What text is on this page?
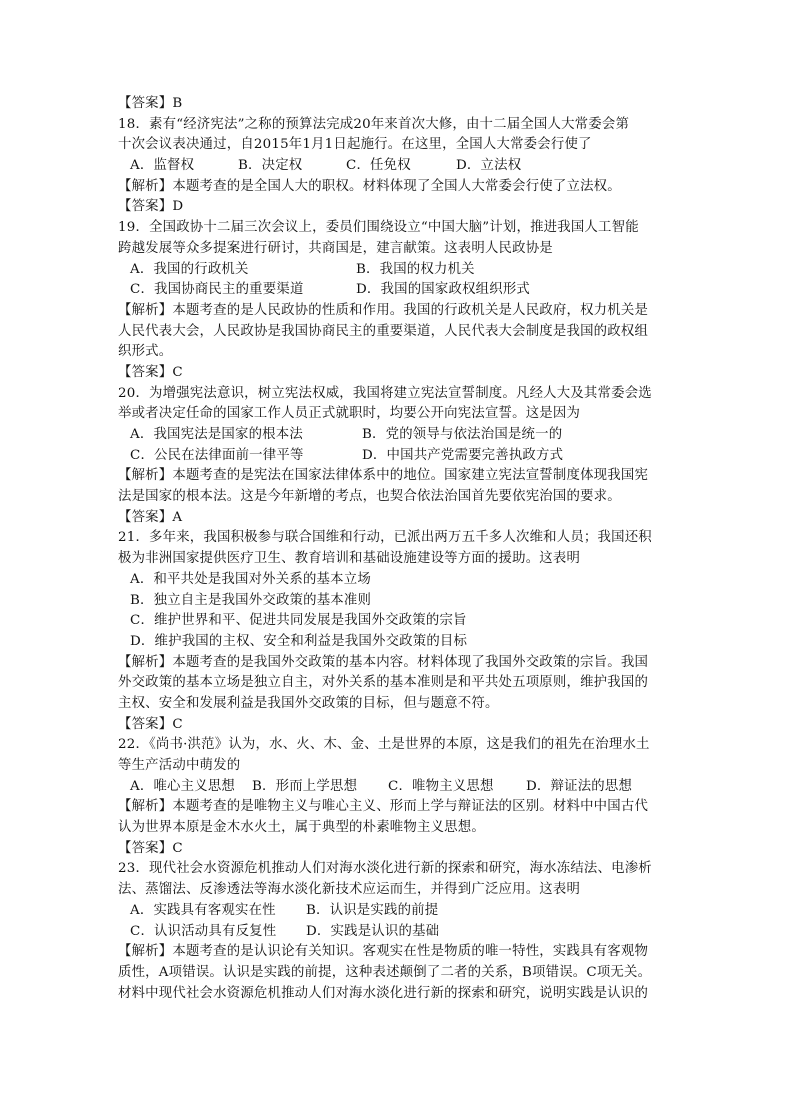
【答案】B
18．素有“经济宪法”之称的预算法完成20年来首次大修，由十二届全国人大常委会第
十次会议表决通过，自2015年1月1日起施行。在这里，全国人大常委会行使了
A．监督权	B．决定权	C．任免权	D．立法权
【解析】本题考查的是全国人大的职权。材料体现了全国人大常委会行使了立法权。
【答案】D
19．全国政协十二届三次会议上，委员们围绕设立“中国大脑”计划，推进我国人工智能
跨越发展等众多提案进行研讨，共商国是，建言献策。这表明人民政协是
A．我国的行政机关	B．我国的权力机关
C．我国协商民主的重要渠道	D．我国的国家政权组织形式
【解析】本题考查的是人民政协的性质和作用。我国的行政机关是人民政府，权力机关是
人民代表大会，人民政协是我国协商民主的重要渠道，人民代表大会制度是我国的政权组
织形式。
【答案】C
20．为增强宪法意识，树立宪法权威，我国将建立宪法宣誓制度。凡经人大及其常委会选
举或者决定任命的国家工作人员正式就职时，均要公开向宪法宣誓。这是因为
A．我国宪法是国家的根本法	B．党的领导与依法治国是统一的
C．公民在法律面前一律平等	D．中国共产党需要完善执政方式
【解析】本题考查的是宪法在国家法律体系中的地位。国家建立宪法宣誓制度体现我国宪
法是国家的根本法。这是今年新增的考点，也契合依法治国首先要依宪治国的要求。
【答案】A
21．多年来，我国积极参与联合国维和行动，已派出两万五千多人次维和人员；我国还积
极为非洲国家提供医疗卫生、教育培训和基础设施建设等方面的援助。这表明
A．和平共处是我国对外关系的基本立场
B．独立自主是我国外交政策的基本准则
C．维护世界和平、促进共同发展是我国外交政策的宗旨
D．维护我国的主权、安全和利益是我国外交政策的目标
【解析】本题考查的是我国外交政策的基本内容。材料体现了我国外交政策的宗旨。我国
外交政策的基本立场是独立自主，对外关系的基本准则是和平共处五项原则，维护我国的
主权、安全和发展利益是我国外交政策的目标，但与题意不符。
【答案】C
22．《尚书·洪范》认为，水、火、木、金、土是世界的本原，这是我们的祖先在治理水土
等生产活动中萌发的
A．唯心主义思想	B．形而上学思想	C．唯物主义思想	D．辩证法的思想
【解析】本题考查的是唯物主义与唯心主义、形而上学与辩证法的区别。材料中中国古代
认为世界本原是金木水火土，属于典型的朴素唯物主义思想。
【答案】C
23．现代社会水资源危机推动人们对海水淡化进行新的探索和研究，海水冻结法、电渗析
法、蒸馏法、反渗透法等海水淡化新技术应运而生，并得到广泛应用。这表明
A．实践具有客观实在性	B．认识是实践的前提
C．认识活动具有反复性	D．实践是认识的基础
【解析】本题考查的是认识论有关知识。客观实在性是物质的唯一特性，实践具有客观物
质性，A项错误。认识是实践的前提，这种表述颠倒了二者的关系，B项错误。C项无关。
材料中现代社会水资源危机推动人们对海水淡化进行新的探索和研究，说明实践是认识的
